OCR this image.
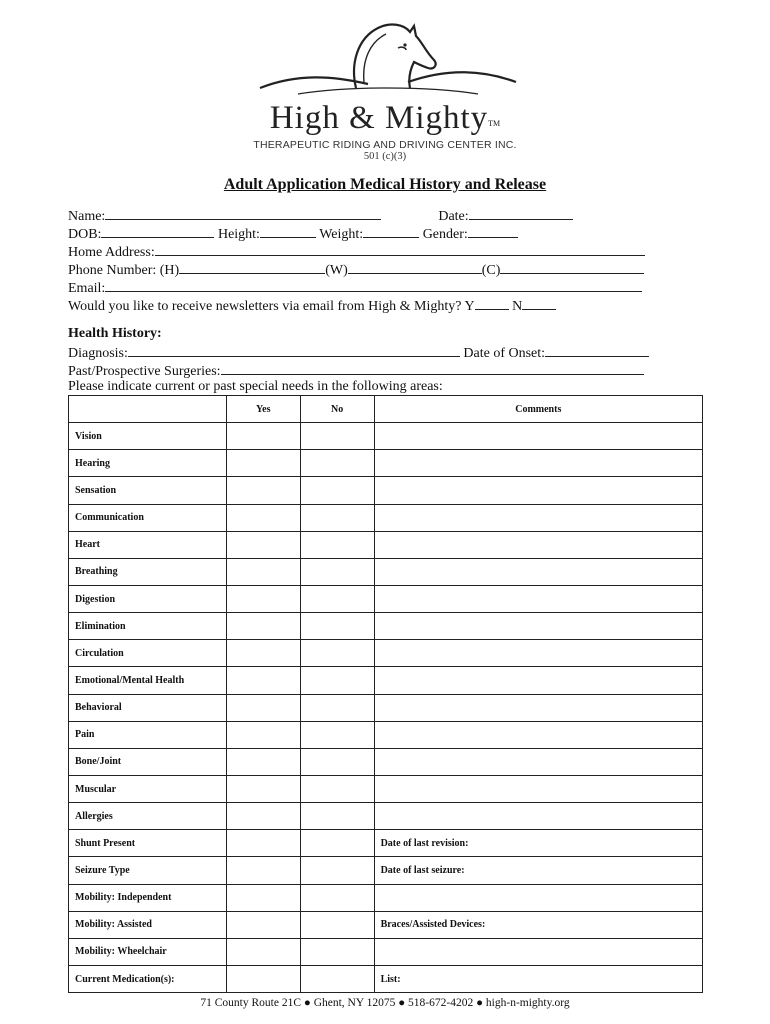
High & MightyTM
THERAPEUTIC RIDING AND DRIVING CENTER INC.
501 (c)(3)
Adult Application Medical History and Release
Name:	Date:
DOB:	Height:	Weight:	Gender:
Home Address:
Phone Number: (H)	(W)	(C)
Email:
Would you like to receive newsletters via email from High & Mighty? Y	N
Health History:
Diagnosis:	Date of Onset:
Past/Prospective Surgeries:
Please indicate current or past special needs in the following areas:
	Yes	No	Comments
Vision			
Hearing			
Sensation			
Communication			
Heart			
Breathing			
Digestion			
Elimination			
Circulation			
Emotional/Mental Health			
Behavioral			
Pain			
Bone/Joint			
Muscular			
Allergies			
Shunt Present			Date of last revision:
Seizure Type			Date of last seizure:
Mobility: Independent			
Mobility: Assisted			Braces/Assisted Devices:
Mobility: Wheelchair			
Current Medication(s):			List:
71 County Route 21C ● Ghent, NY 12075 ● 518-672-4202 ● high-n-mighty.org
